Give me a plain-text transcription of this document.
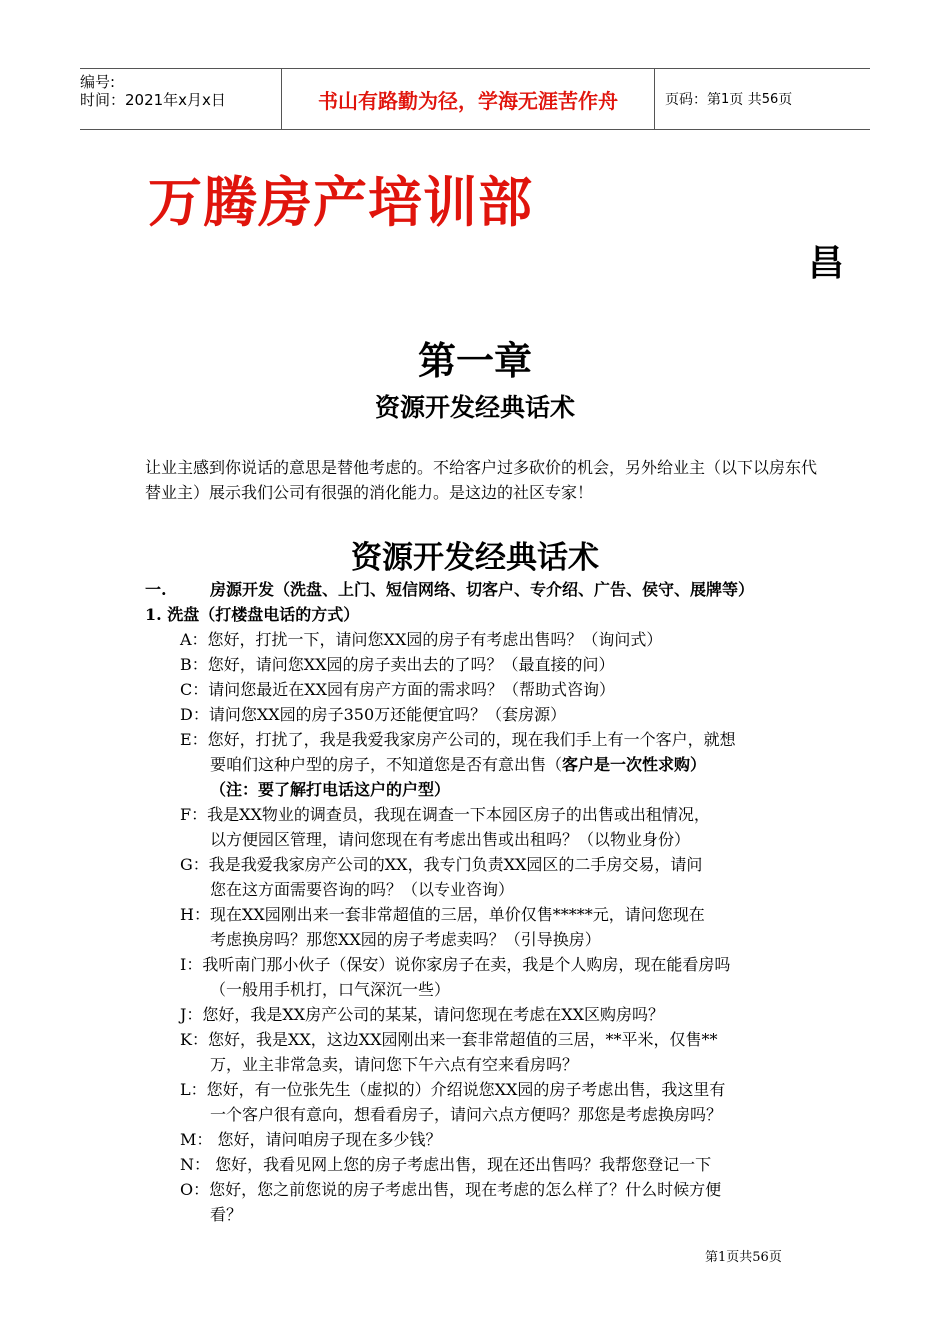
编号:
时间：2021年x月x日	书山有路勤为径，学海无涯苦作舟	页码：第 1 页 共 56 页
万腾房产培训部
昌
第一章
资源开发经典话术
让业主感到你说话的意思是替他考虑的。不给客户过多砍价的机会，另外给业主（以下以房东代替业主）展示我们公司有很强的消化能力。是这边的社区专家！
资源开发经典话术
一.	房源开发（洗盘、上门、短信网络、切客户、专介绍、广告、侯守、展牌等）
1. 洗盘（打楼盘电话的方式）
A：您好，打扰一下，请问您XX园的房子有考虑出售吗？（询问式）
B：您好，请问您XX园的房子卖出去的了吗？（最直接的问）
C：请问您最近在XX园有房产方面的需求吗？（帮助式咨询）
D：请问您XX园的房子350万还能便宜吗？（套房源）
E：您好，打扰了，我是我爱我家房产公司的，现在我们手上有一个客户，就想
要咱们这种户型的房子，不知道您是否有意出售（客户是一次性求购）
（注：要了解打电话这户的户型）
F：我是XX物业的调查员，我现在调查一下本园区房子的出售或出租情况，
以方便园区管理，请问您现在有考虑出售或出租吗？（以物业身份）
G：我是我爱我家房产公司的XX，我专门负责XX园区的二手房交易，请问
您在这方面需要咨询的吗？（以专业咨询）
H：现在XX园刚出来一套非常超值的三居，单价仅售*****元，请问您现在
考虑换房吗？那您XX园的房子考虑卖吗？（引导换房）
I：我听南门那小伙子（保安）说你家房子在卖，我是个人购房，现在能看房吗
（一般用手机打，口气深沉一些）
J：您好，我是XX房产公司的某某，请问您现在考虑在XX区购房吗？
K：您好，我是XX，这边XX园刚出来一套非常超值的三居，**平米，仅售**
万，业主非常急卖，请问您下午六点有空来看房吗？
L：您好，有一位张先生（虚拟的）介绍说您XX园的房子考虑出售，我这里有
一个客户很有意向，想看看房子，请问六点方便吗？那您是考虑换房吗？
M： 您好，请问咱房子现在多少钱？
N： 您好，我看见网上您的房子考虑出售，现在还出售吗？我帮您登记一下
O：您好，您之前您说的房子考虑出售，现在考虑的怎么样了？什么时候方便
看？
第1页共56页
